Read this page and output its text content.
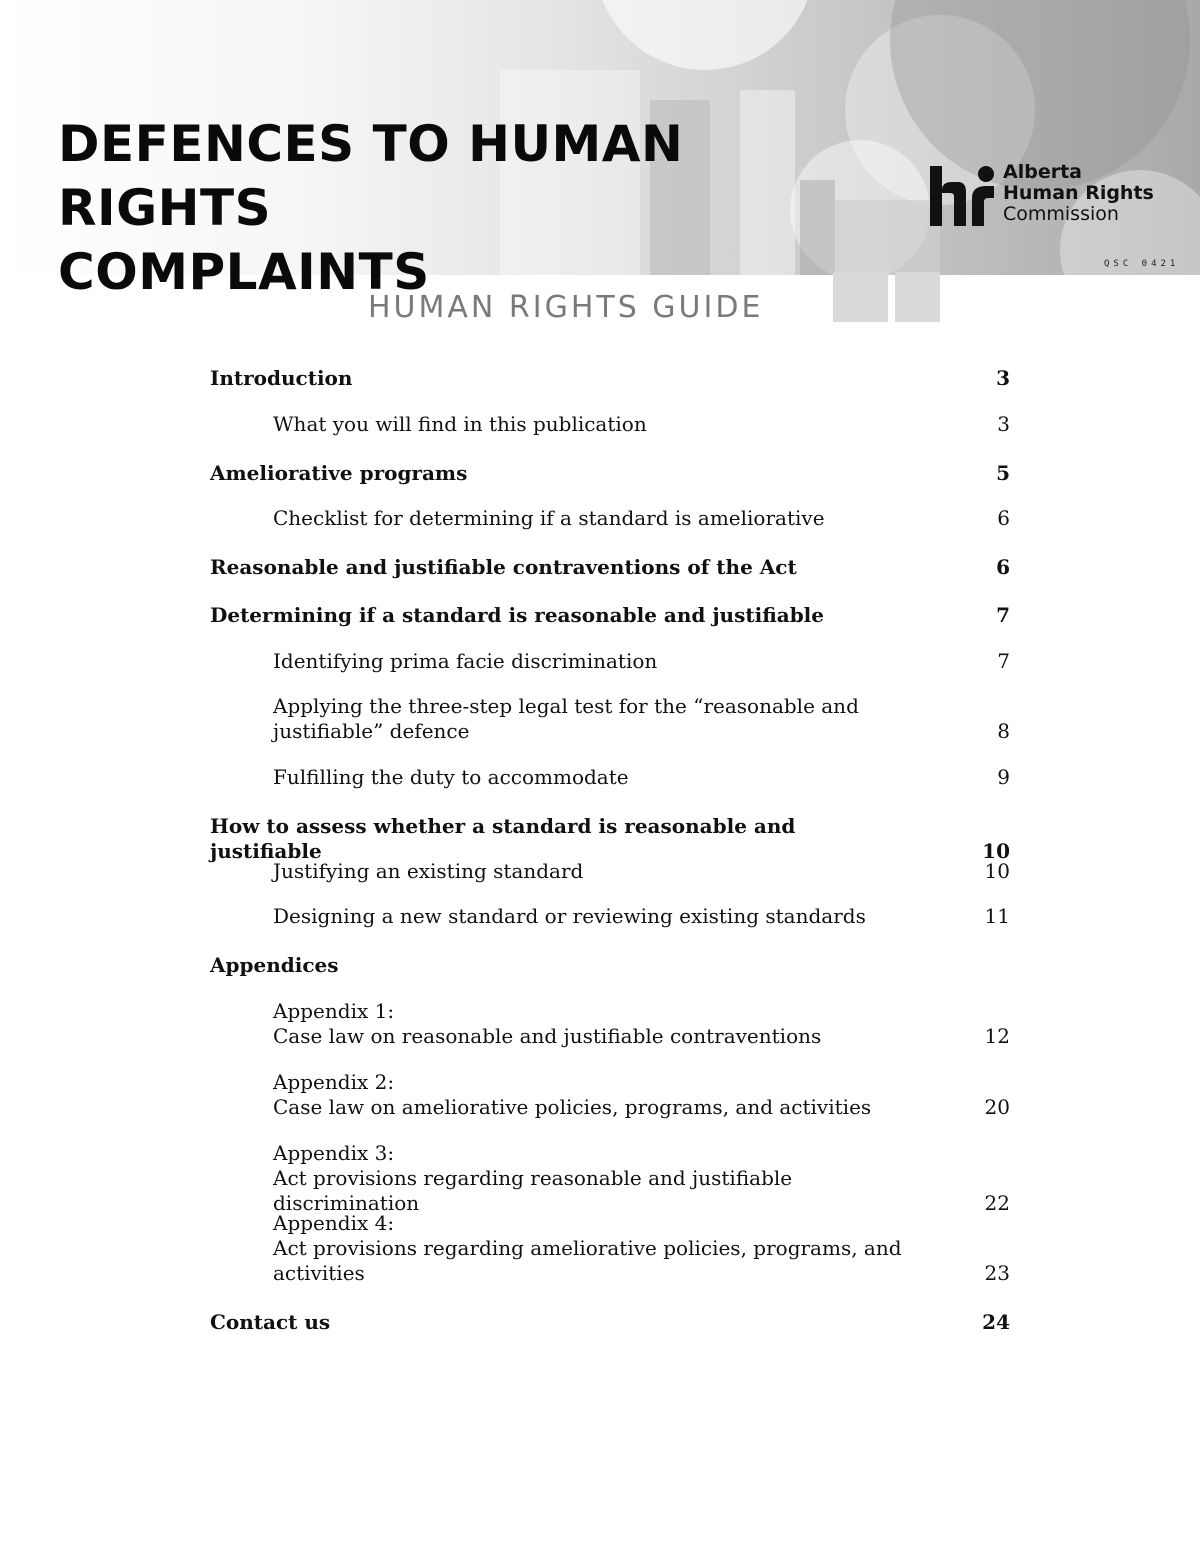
DEFENCES TO HUMAN RIGHTS
COMPLAINTS
Alberta
Human Rights
Commission
QSC 0421
HUMAN RIGHTS GUIDE
Introduction	3
What you will find in this publication	3
Ameliorative programs	5
Checklist for determining if a standard is ameliorative	6
Reasonable and justifiable contraventions of the Act	6
Determining if a standard is reasonable and justifiable	7
Identifying prima facie discrimination	7
Applying the three-step legal test for the “reasonable and justifiable” defence	8
Fulfilling the duty to accommodate	9
How to assess whether a standard is reasonable and justifiable	10
Justifying an existing standard	10
Designing a new standard or reviewing existing standards	11
Appendices
Appendix 1:
Case law on reasonable and justifiable contraventions	12
Appendix 2:
Case law on ameliorative policies, programs, and activities	20
Appendix 3:
Act provisions regarding reasonable and justifiable discrimination	22
Appendix 4:
Act provisions regarding ameliorative policies, programs, and activities	23
Contact us	24
